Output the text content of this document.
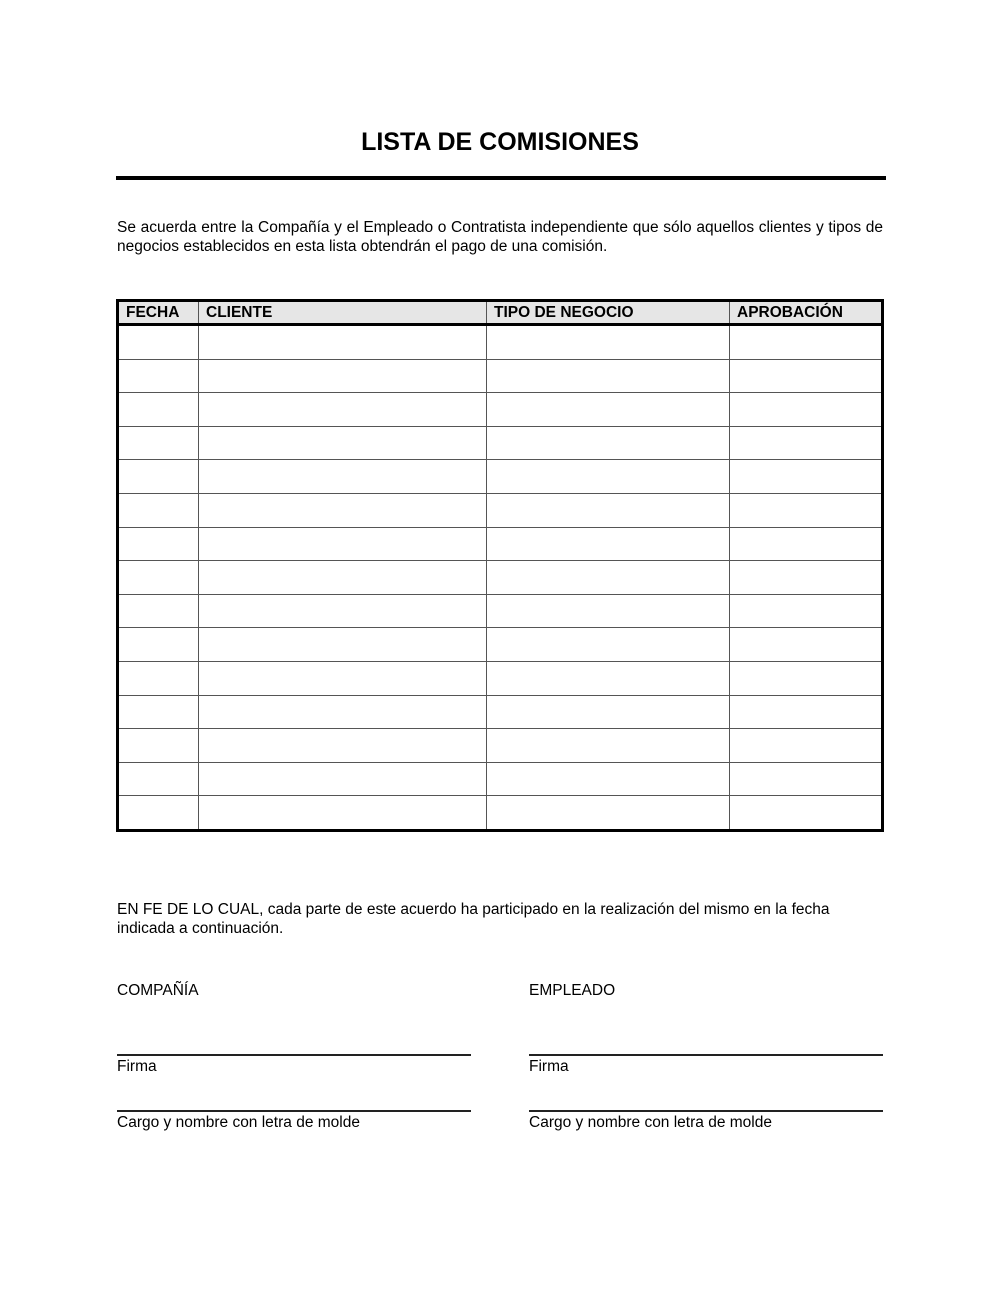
LISTA DE COMISIONES
Se acuerda entre la Compañía y el Empleado o Contratista independiente que sólo aquellos clientes y tipos de negocios establecidos en esta lista obtendrán el pago de una comisión.
FECHA	CLIENTE	TIPO DE NEGOCIO	APROBACIÓN

EN FE DE LO CUAL, cada parte de este acuerdo ha participado en la realización del mismo en la fecha indicada a continuación.
COMPAÑÍA	EMPLEADO
Firma	Firma
Cargo y nombre con letra de molde	Cargo y nombre con letra de molde
